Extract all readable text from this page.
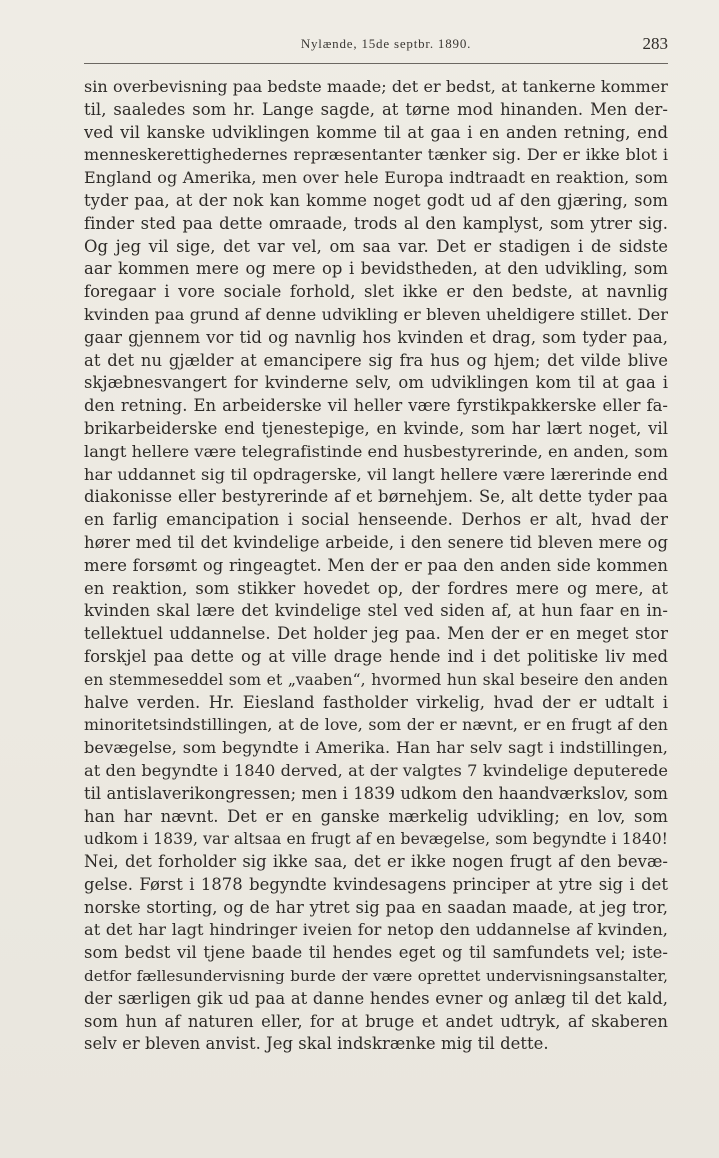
Nylænde, 15de septbr. 1890.	283
sin overbevisning paa bedste maade; det er bedst, at tankerne kommer
til, saaledes som hr. Lange sagde, at tørne mod hinanden. Men der-
ved vil kanske udviklingen komme til at gaa i en anden retning, end
menneskerettighedernes repræsentanter tænker sig. Der er ikke blot i
England og Amerika, men over hele Europa indtraadt en reaktion, som
tyder paa, at der nok kan komme noget godt ud af den gjæring, som
finder sted paa dette omraade, trods al den kamplyst, som ytrer sig.
Og jeg vil sige, det var vel, om saa var. Det er stadigen i de sidste
aar kommen mere og mere op i bevidstheden, at den udvikling, som
foregaar i vore sociale forhold, slet ikke er den bedste, at navnlig
kvinden paa grund af denne udvikling er bleven uheldigere stillet. Der
gaar gjennem vor tid og navnlig hos kvinden et drag, som tyder paa,
at det nu gjælder at emancipere sig fra hus og hjem; det vilde blive
skjæbnesvangert for kvinderne selv, om udviklingen kom til at gaa i
den retning. En arbeiderske vil heller være fyrstikpakkerske eller fa-
brikarbeiderske end tjenestepige, en kvinde, som har lært noget, vil
langt hellere være telegrafistinde end husbestyrerinde, en anden, som
har uddannet sig til opdragerske, vil langt hellere være lærerinde end
diakonisse eller bestyrerinde af et børnehjem. Se, alt dette tyder paa
en farlig emancipation i social henseende. Derhos er alt, hvad der
hører med til det kvindelige arbeide, i den senere tid bleven mere og
mere forsømt og ringeagtet. Men der er paa den anden side kommen
en reaktion, som stikker hovedet op, der fordres mere og mere, at
kvinden skal lære det kvindelige stel ved siden af, at hun faar en in-
tellektuel uddannelse. Det holder jeg paa. Men der er en meget stor
forskjel paa dette og at ville drage hende ind i det politiske liv med
en stemmeseddel som et „vaaben“, hvormed hun skal beseire den anden
halve verden. Hr. Eiesland fastholder virkelig, hvad der er udtalt i
minoritetsindstillingen, at de love, som der er nævnt, er en frugt af den
bevægelse, som begyndte i Amerika. Han har selv sagt i indstillingen,
at den begyndte i 1840 derved, at der valgtes 7 kvindelige deputerede
til antislaverikongressen; men i 1839 udkom den haandværkslov, som
han har nævnt. Det er en ganske mærkelig udvikling; en lov, som
udkom i 1839, var altsaa en frugt af en bevægelse, som begyndte i 1840!
Nei, det forholder sig ikke saa, det er ikke nogen frugt af den bevæ-
gelse. Først i 1878 begyndte kvindesagens principer at ytre sig i det
norske storting, og de har ytret sig paa en saadan maade, at jeg tror,
at det har lagt hindringer iveien for netop den uddannelse af kvinden,
som bedst vil tjene baade til hendes eget og til samfundets vel; iste-
detfor fællesundervisning burde der være oprettet undervisningsanstalter,
der særligen gik ud paa at danne hendes evner og anlæg til det kald,
som hun af naturen eller, for at bruge et andet udtryk, af skaberen
selv er bleven anvist. Jeg skal indskrænke mig til dette.
